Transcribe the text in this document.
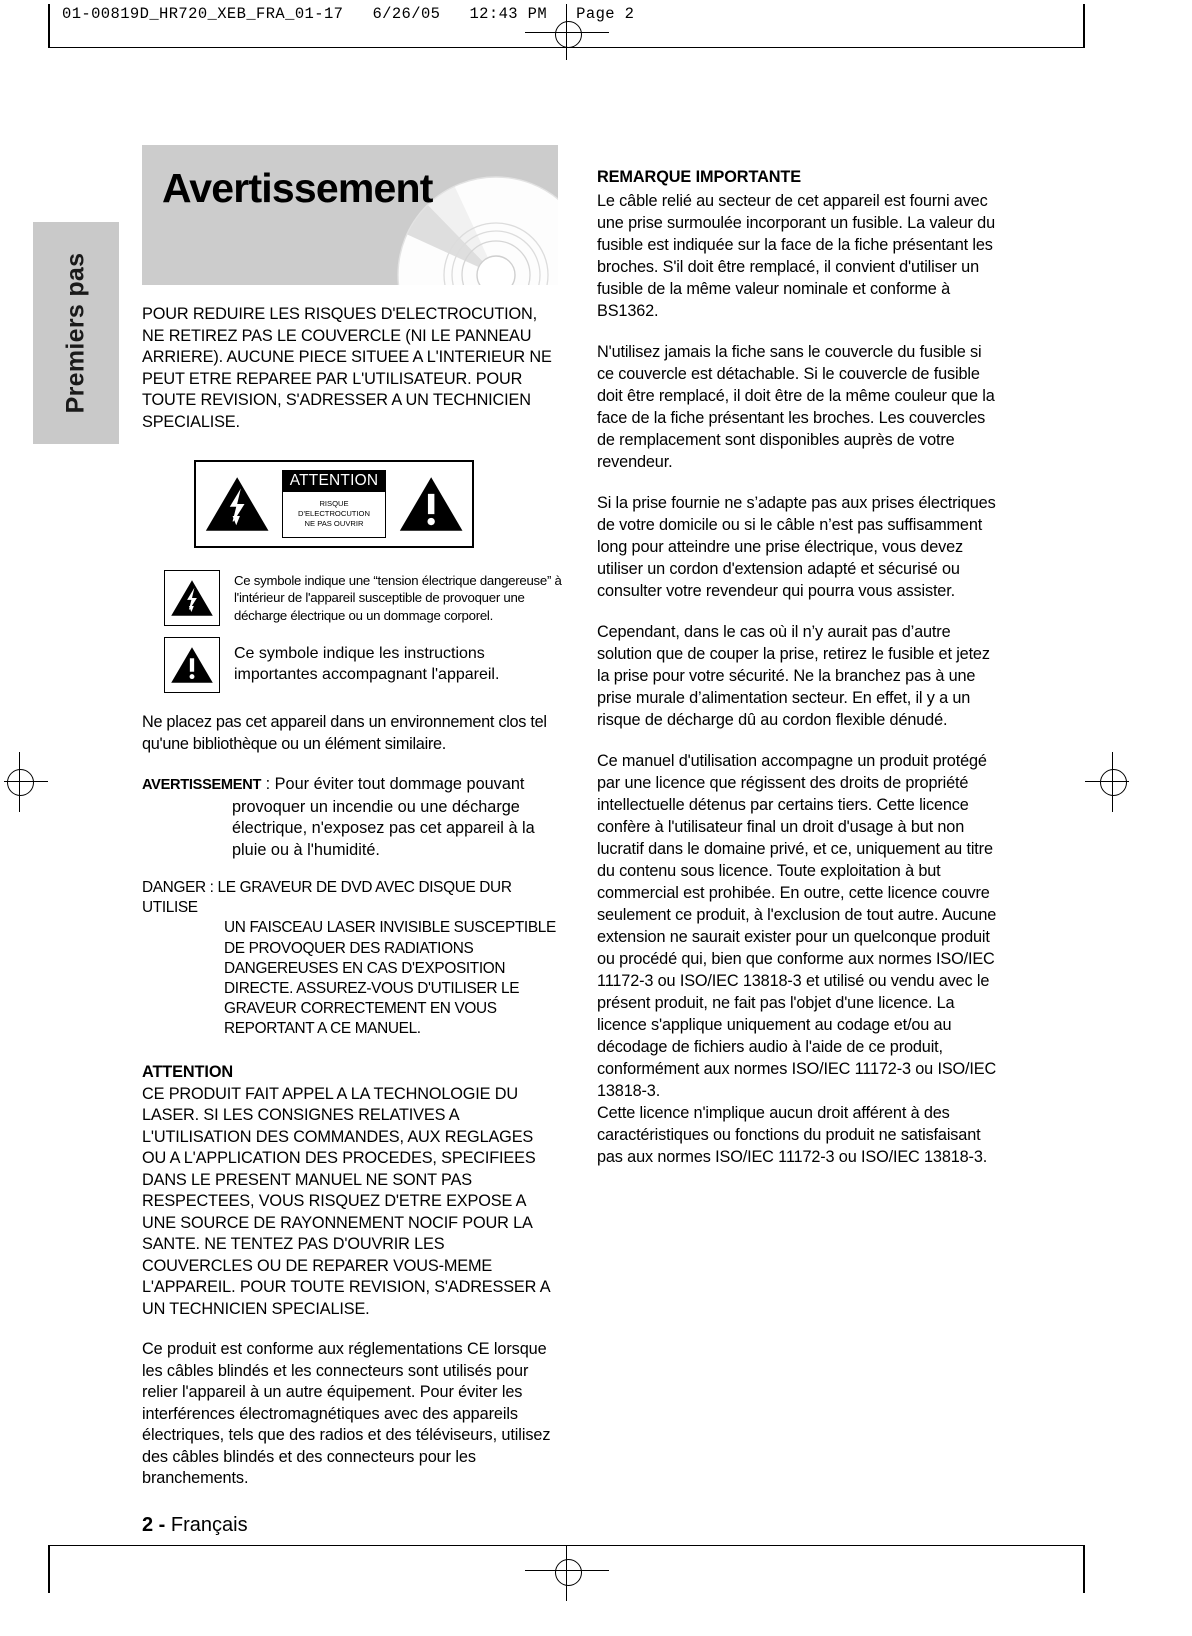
01-00819D_HR720_XEB_FRA_01-17   6/26/05   12:43 PM   Page 2
Premiers pas
Avertissement
POUR REDUIRE LES RISQUES D'ELECTROCUTION, NE RETIREZ PAS LE COUVERCLE (NI LE PANNEAU ARRIERE). AUCUNE PIECE SITUEE A L'INTERIEUR NE PEUT ETRE REPAREE PAR L'UTILISATEUR. POUR TOUTE REVISION, S'ADRESSER A UN TECHNICIEN SPECIALISE.
ATTENTION
RISQUE D'ELECTROCUTION
NE PAS OUVRIR
Ce symbole indique une “tension électrique dangereuse” à l'intérieur de l'appareil susceptible de provoquer une décharge électrique ou un dommage corporel.
Ce symbole indique les instructions importantes accompagnant l'appareil.
Ne placez pas cet appareil dans un environnement clos tel qu'une bibliothèque ou un élément similaire.
AVERTISSEMENT : Pour éviter tout dommage pouvant
provoquer un incendie ou une décharge électrique, n'exposez pas cet appareil à la pluie ou à l'humidité.
DANGER : LE GRAVEUR DE DVD AVEC DISQUE DUR UTILISE
UN FAISCEAU LASER INVISIBLE SUSCEPTIBLE DE PROVOQUER DES RADIATIONS DANGEREUSES EN CAS D'EXPOSITION DIRECTE. ASSUREZ-VOUS D'UTILISER LE GRAVEUR CORRECTEMENT EN VOUS REPORTANT A CE MANUEL.
ATTENTION
CE PRODUIT FAIT APPEL A LA TECHNOLOGIE DU LASER. SI LES CONSIGNES RELATIVES A L'UTILISATION DES COMMANDES, AUX REGLAGES OU A L'APPLICATION DES PROCEDES, SPECIFIEES DANS LE PRESENT MANUEL NE SONT PAS RESPECTEES, VOUS RISQUEZ D'ETRE EXPOSE A UNE SOURCE DE RAYONNEMENT NOCIF POUR LA SANTE. NE TENTEZ PAS D'OUVRIR LES COUVERCLES OU DE REPARER VOUS-MEME L'APPAREIL. POUR TOUTE REVISION, S'ADRESSER A UN TECHNICIEN SPECIALISE.
Ce produit est conforme aux réglementations CE lorsque les câbles blindés et les connecteurs sont utilisés pour relier l'appareil à un autre équipement. Pour éviter les interférences électromagnétiques avec des appareils électriques, tels que des radios et des téléviseurs, utilisez des câbles blindés et des connecteurs pour les branchements.
2 - Français
REMARQUE IMPORTANTE
Le câble relié au secteur de cet appareil est fourni avec une prise surmoulée incorporant un fusible. La valeur du fusible est indiquée sur la face de la fiche présentant les broches. S'il doit être remplacé, il convient d'utiliser un fusible de la même valeur nominale et conforme à BS1362.
N'utilisez jamais la fiche sans le couvercle du fusible si ce couvercle est détachable. Si le couvercle de fusible doit être remplacé, il doit être de la même couleur que la face de la fiche présentant les broches. Les couvercles de remplacement sont disponibles auprès de votre revendeur.
Si la prise fournie ne s’adapte pas aux prises électriques de votre domicile ou si le câble n’est pas suffisamment long pour atteindre une prise électrique, vous devez utiliser un cordon d'extension adapté et sécurisé ou consulter votre revendeur qui pourra vous assister.
Cependant, dans le cas où il n’y aurait pas d’autre solution que de couper la prise, retirez le fusible et jetez la prise pour votre sécurité. Ne la branchez pas à une prise murale d’alimentation secteur. En effet, il y a un risque de décharge dû au cordon flexible dénudé.
Ce manuel d'utilisation accompagne un produit protégé par une licence que régissent des droits de propriété intellectuelle détenus par certains tiers. Cette licence confère à l'utilisateur final un droit d'usage à but non lucratif dans le domaine privé, et ce, uniquement au titre du contenu sous licence. Toute exploitation à but commercial est prohibée. En outre, cette licence couvre seulement ce produit, à l'exclusion de tout autre. Aucune extension ne saurait exister pour un quelconque produit ou procédé qui, bien que conforme aux normes ISO/IEC 11172-3 ou ISO/IEC 13818-3 et utilisé ou vendu avec le présent produit, ne fait pas l'objet d'une licence. La licence s'applique uniquement au codage et/ou au décodage de fichiers audio à l'aide de ce produit, conformément aux normes ISO/IEC 11172-3 ou ISO/IEC 13818-3.
Cette licence n'implique aucun droit afférent à des caractéristiques ou fonctions du produit ne satisfaisant pas aux normes ISO/IEC 11172-3 ou ISO/IEC 13818-3.
